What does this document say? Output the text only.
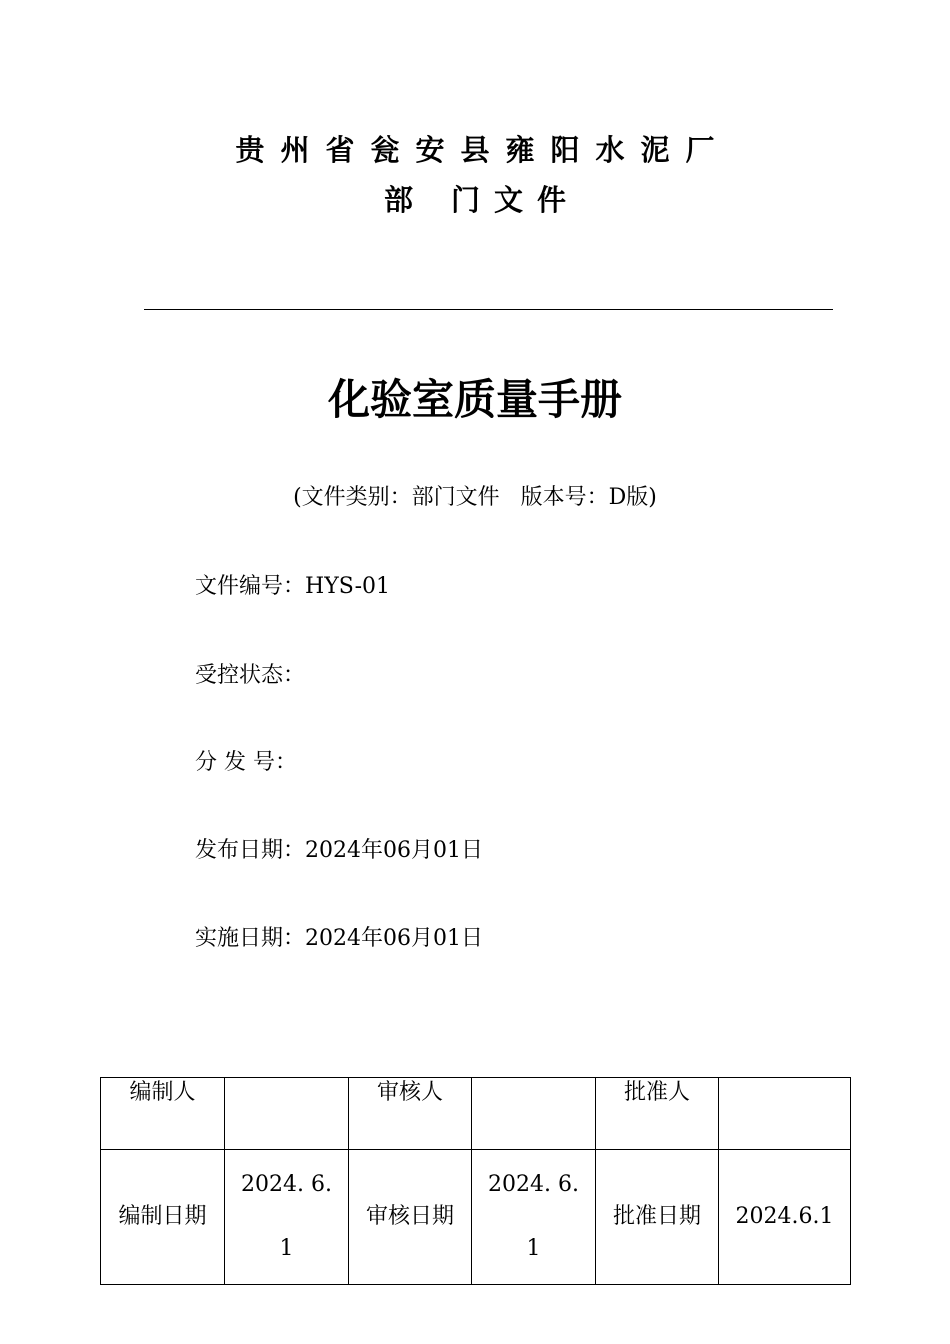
贵州省瓮安县雍阳水泥厂
部 门文件
化验室质量手册
(文件类别：部门文件   版本号：D版)
文件编号：HYS-01
受控状态：
分 发 号：
发布日期：2024年06月01日
实施日期：2024年06月01日
编制人		审核人		批准人	
编制日期	2024. 6. 1	审核日期	2024. 6. 1	批准日期	2024.6.1
